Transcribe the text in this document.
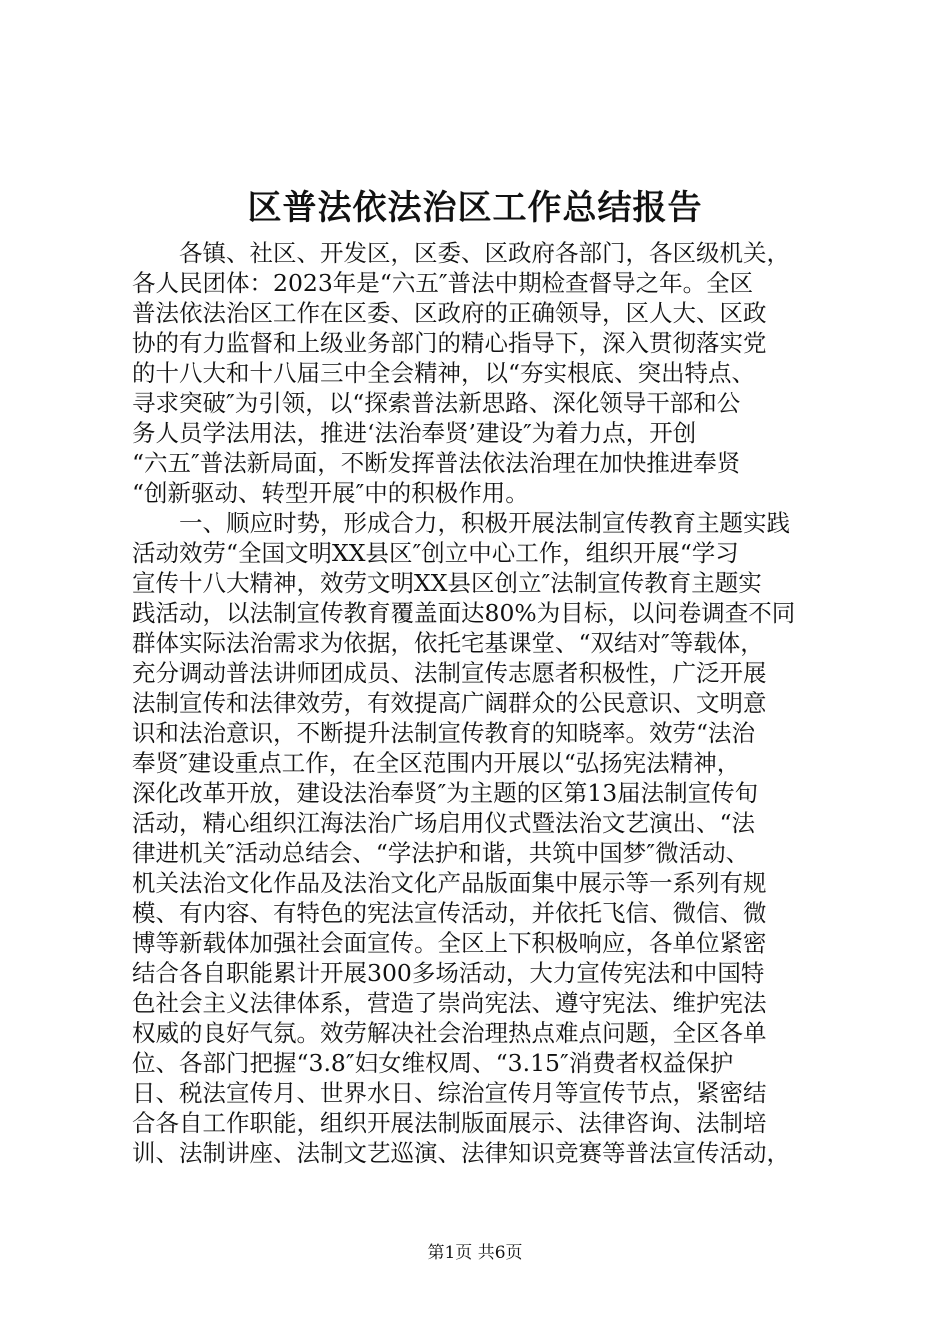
区普法依法治区工作总结报告
　　各镇、社区、开发区，区委、区政府各部门，各区级机关，
各人民团体：2023年是“六五″普法中期检查督导之年。全区
普法依法治区工作在区委、区政府的正确领导，区人大、区政
协的有力监督和上级业务部门的精心指导下，深入贯彻落实党
的十八大和十八届三中全会精神，以“夯实根底、突出特点、
寻求突破″为引领，以“探索普法新思路、深化领导干部和公
务人员学法用法，推进‘法治奉贤’建设″为着力点，开创
“六五″普法新局面，不断发挥普法依法治理在加快推进奉贤
“创新驱动、转型开展″中的积极作用。
　　一、顺应时势，形成合力，积极开展法制宣传教育主题实践
活动效劳“全国文明XX县区″创立中心工作，组织开展“学习
宣传十八大精神，效劳文明XX县区创立″法制宣传教育主题实
践活动，以法制宣传教育覆盖面达80%为目标，以问卷调查不同
群体实际法治需求为依据，依托宅基课堂、“双结对″等载体，
充分调动普法讲师团成员、法制宣传志愿者积极性，广泛开展
法制宣传和法律效劳，有效提高广阔群众的公民意识、文明意
识和法治意识，不断提升法制宣传教育的知晓率。效劳“法治
奉贤″建设重点工作，在全区范围内开展以“弘扬宪法精神，
深化改革开放，建设法治奉贤″为主题的区第13届法制宣传旬
活动，精心组织江海法治广场启用仪式暨法治文艺演出、“法
律进机关″活动总结会、“学法护和谐，共筑中国梦″微活动、
机关法治文化作品及法治文化产品版面集中展示等一系列有规
模、有内容、有特色的宪法宣传活动，并依托飞信、微信、微
博等新载体加强社会面宣传。全区上下积极响应，各单位紧密
结合各自职能累计开展300多场活动，大力宣传宪法和中国特
色社会主义法律体系，营造了崇尚宪法、遵守宪法、维护宪法
权威的良好气氛。效劳解决社会治理热点难点问题，全区各单
位、各部门把握“3.8″妇女维权周、“3.15″消费者权益保护
日、税法宣传月、世界水日、综治宣传月等宣传节点，紧密结
合各自工作职能，组织开展法制版面展示、法律咨询、法制培
训、法制讲座、法制文艺巡演、法律知识竞赛等普法宣传活动，
第1页 共6页
